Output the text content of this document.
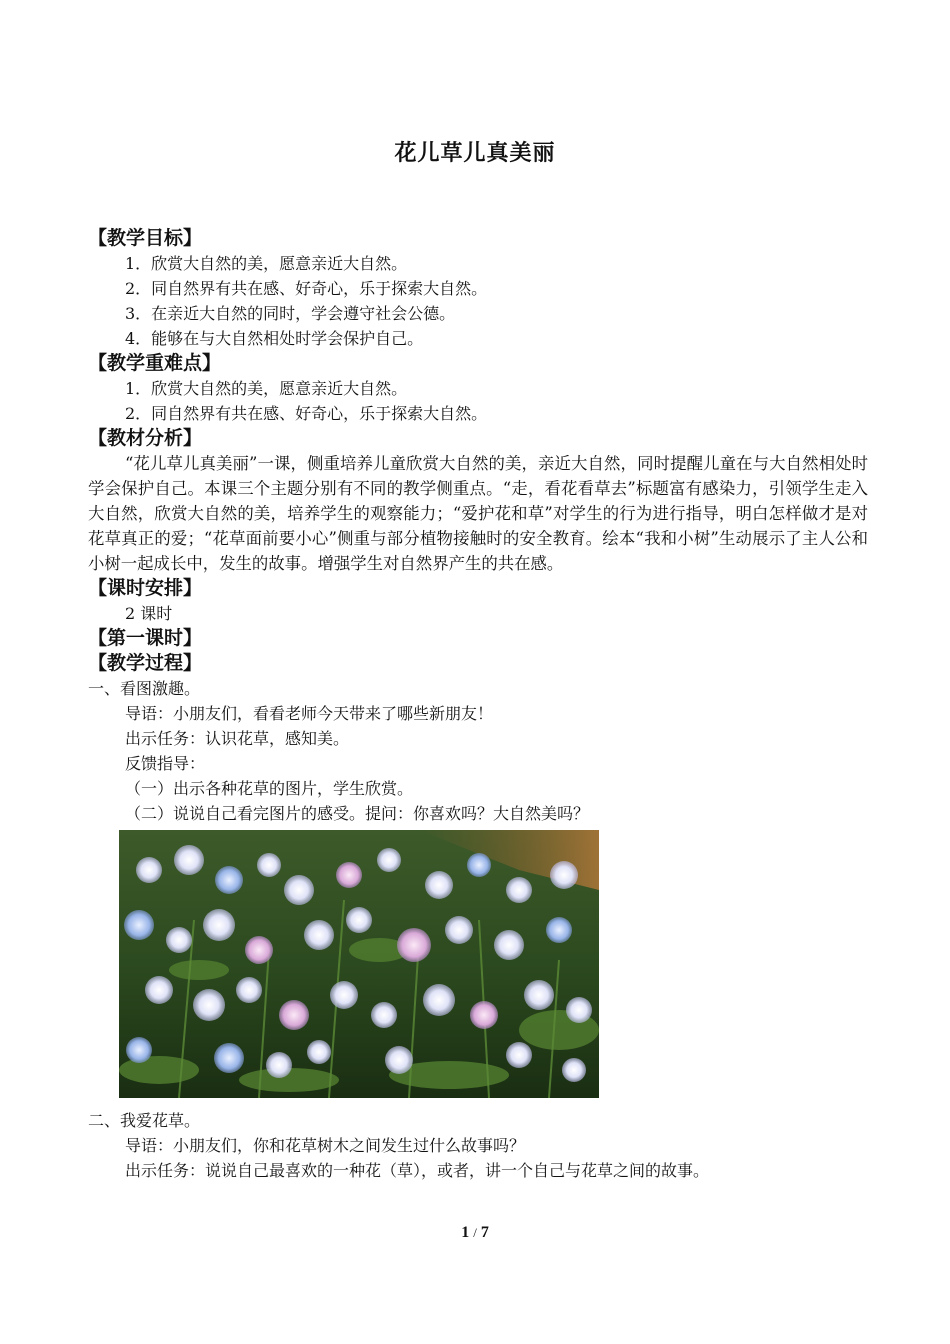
花儿草儿真美丽
【教学目标】
1．欣赏大自然的美，愿意亲近大自然。
2．同自然界有共在感、好奇心，乐于探索大自然。
3．在亲近大自然的同时，学会遵守社会公德。
4．能够在与大自然相处时学会保护自己。
【教学重难点】
1．欣赏大自然的美，愿意亲近大自然。
2．同自然界有共在感、好奇心，乐于探索大自然。
【教材分析】
“花儿草儿真美丽”一课，侧重培养儿童欣赏大自然的美，亲近大自然，同时提醒儿童在与大自然相处时学会保护自己。本课三个主题分别有不同的教学侧重点。“走，看花看草去”标题富有感染力，引领学生走入大自然，欣赏大自然的美，培养学生的观察能力；“爱护花和草”对学生的行为进行指导，明白怎样做才是对花草真正的爱；“花草面前要小心”侧重与部分植物接触时的安全教育。绘本“我和小树”生动展示了主人公和小树一起成长中，发生的故事。增强学生对自然界产生的共在感。
【课时安排】
2 课时
【第一课时】
【教学过程】
一、看图激趣。
导语：小朋友们，看看老师今天带来了哪些新朋友！
出示任务：认识花草，感知美。
反馈指导：
（一）出示各种花草的图片，学生欣赏。
（二）说说自己看完图片的感受。提问：你喜欢吗？大自然美吗？
二、我爱花草。
导语：小朋友们，你和花草树木之间发生过什么故事吗？
出示任务：说说自己最喜欢的一种花（草），或者，讲一个自己与花草之间的故事。
1 / 7
